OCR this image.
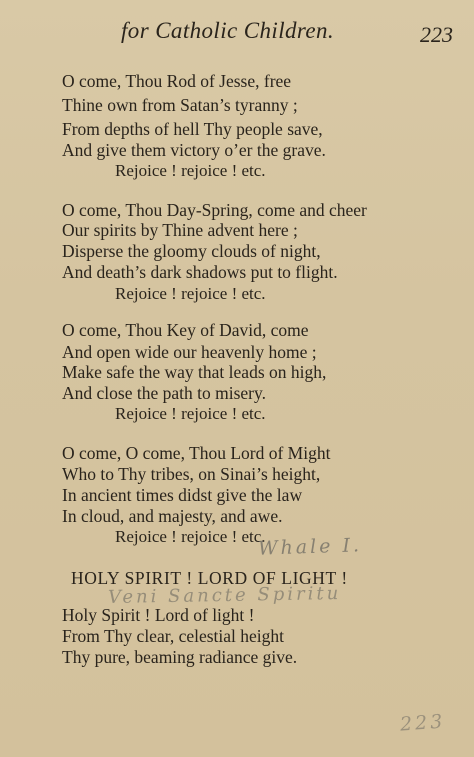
for Catholic Children.	223
O come, Thou Rod of Jesse, free
Thine own from Satan’s tyranny ;
From depths of hell Thy people save,
And give them victory o’er the grave.
Rejoice ! rejoice ! etc.
O come, Thou Day-Spring, come and cheer
Our spirits by Thine advent here ;
Disperse the gloomy clouds of night,
And death’s dark shadows put to flight.
Rejoice ! rejoice ! etc.
O come, Thou Key of David, come
And open wide our heavenly home ;
Make safe the way that leads on high,
And close the path to misery.
Rejoice ! rejoice ! etc.
O come, O come, Thou Lord of Might
Who to Thy tribes, on Sinai’s height,
In ancient times didst give the law
In cloud, and majesty, and awe.
Rejoice ! rejoice ! etc.
Whale I.
HOLY SPIRIT ! LORD OF LIGHT !
Veni Sancte Spiritu
Holy Spirit ! Lord of light !
From Thy clear, celestial height
Thy pure, beaming radiance give.
223
